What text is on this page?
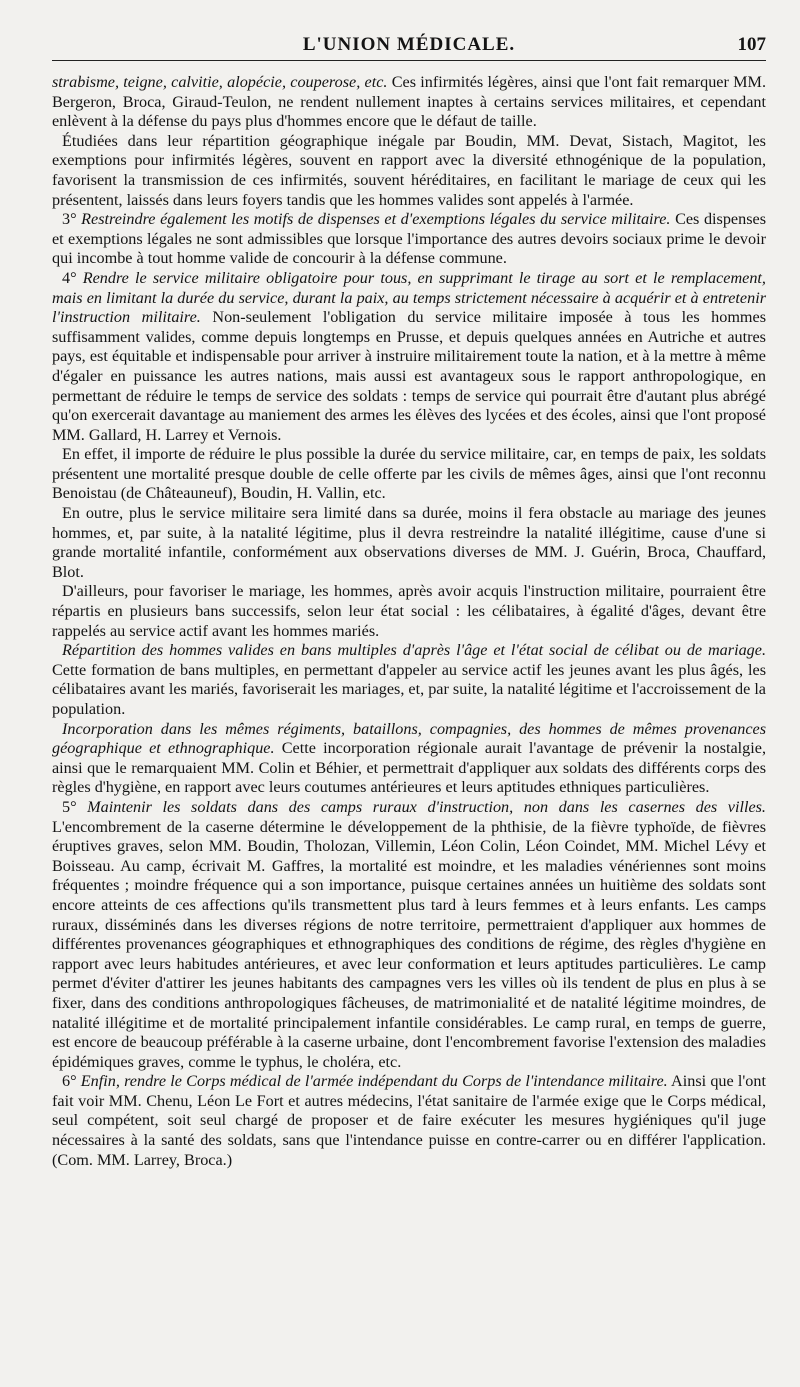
L'UNION MÉDICALE.	107

strabisme, teigne, calvitie, alopécie, couperose, etc. Ces infirmités légères, ainsi que l'ont fait remarquer MM. Bergeron, Broca, Giraud-Teulon, ne rendent nullement inaptes à certains services militaires, et cependant enlèvent à la défense du pays plus d'hommes encore que le défaut de taille.

Étudiées dans leur répartition géographique inégale par Boudin, MM. Devat, Sistach, Magitot, les exemptions pour infirmités légères, souvent en rapport avec la diversité ethnogénique de la population, favorisent la transmission de ces infirmités, souvent héréditaires, en facilitant le mariage de ceux qui les présentent, laissés dans leurs foyers tandis que les hommes valides sont appelés à l'armée.

3° Restreindre également les motifs de dispenses et d'exemptions légales du service militaire. Ces dispenses et exemptions légales ne sont admissibles que lorsque l'importance des autres devoirs sociaux prime le devoir qui incombe à tout homme valide de concourir à la défense commune.

4° Rendre le service militaire obligatoire pour tous, en supprimant le tirage au sort et le remplacement, mais en limitant la durée du service, durant la paix, au temps strictement nécessaire à acquérir et à entretenir l'instruction militaire. Non-seulement l'obligation du service militaire imposée à tous les hommes suffisamment valides, comme depuis longtemps en Prusse, et depuis quelques années en Autriche et autres pays, est équitable et indispensable pour arriver à instruire militairement toute la nation, et à la mettre à même d'égaler en puissance les autres nations, mais aussi est avantageux sous le rapport anthropologique, en permettant de réduire le temps de service des soldats : temps de service qui pourrait être d'autant plus abrégé qu'on exercerait davantage au maniement des armes les élèves des lycées et des écoles, ainsi que l'ont proposé MM. Gallard, H. Larrey et Vernois.

En effet, il importe de réduire le plus possible la durée du service militaire, car, en temps de paix, les soldats présentent une mortalité presque double de celle offerte par les civils de mêmes âges, ainsi que l'ont reconnu Benoistau (de Châteauneuf), Boudin, H. Vallin, etc.

En outre, plus le service militaire sera limité dans sa durée, moins il fera obstacle au mariage des jeunes hommes, et, par suite, à la natalité légitime, plus il devra restreindre la natalité illégitime, cause d'une si grande mortalité infantile, conformément aux observations diverses de MM. J. Guérin, Broca, Chauffard, Blot.

D'ailleurs, pour favoriser le mariage, les hommes, après avoir acquis l'instruction militaire, pourraient être répartis en plusieurs bans successifs, selon leur état social : les célibataires, à égalité d'âges, devant être rappelés au service actif avant les hommes mariés.

Répartition des hommes valides en bans multiples d'après l'âge et l'état social de célibat ou de mariage. Cette formation de bans multiples, en permettant d'appeler au service actif les jeunes avant les plus âgés, les célibataires avant les mariés, favoriserait les mariages, et, par suite, la natalité légitime et l'accroissement de la population.

Incorporation dans les mêmes régiments, bataillons, compagnies, des hommes de mêmes provenances géographique et ethnographique. Cette incorporation régionale aurait l'avantage de prévenir la nostalgie, ainsi que le remarquaient MM. Colin et Béhier, et permettrait d'appliquer aux soldats des différents corps des règles d'hygiène, en rapport avec leurs coutumes antérieures et leurs aptitudes ethniques particulières.

5° Maintenir les soldats dans des camps ruraux d'instruction, non dans les casernes des villes. L'encombrement de la caserne détermine le développement de la phthisie, de la fièvre typhoïde, de fièvres éruptives graves, selon MM. Boudin, Tholozan, Villemin, Léon Colin, Léon Coindet, MM. Michel Lévy et Boisseau. Au camp, écrivait M. Gaffres, la mortalité est moindre, et les maladies vénériennes sont moins fréquentes ; moindre fréquence qui a son importance, puisque certaines années un huitième des soldats sont encore atteints de ces affections qu'ils transmettent plus tard à leurs femmes et à leurs enfants. Les camps ruraux, disséminés dans les diverses régions de notre territoire, permettraient d'appliquer aux hommes de différentes provenances géographiques et ethnographiques des conditions de régime, des règles d'hygiène en rapport avec leurs habitudes antérieures, et avec leur conformation et leurs aptitudes particulières. Le camp permet d'éviter d'attirer les jeunes habitants des campagnes vers les villes où ils tendent de plus en plus à se fixer, dans des conditions anthropologiques fâcheuses, de matrimonialité et de natalité légitime moindres, de natalité illégitime et de mortalité principalement infantile considérables. Le camp rural, en temps de guerre, est encore de beaucoup préférable à la caserne urbaine, dont l'encombrement favorise l'extension des maladies épidémiques graves, comme le typhus, le choléra, etc.

6° Enfin, rendre le Corps médical de l'armée indépendant du Corps de l'intendance militaire. Ainsi que l'ont fait voir MM. Chenu, Léon Le Fort et autres médecins, l'état sanitaire de l'armée exige que le Corps médical, seul compétent, soit seul chargé de proposer et de faire exécuter les mesures hygiéniques qu'il juge nécessaires à la santé des soldats, sans que l'intendance puisse en contre-carrer ou en différer l'application. (Com. MM. Larrey, Broca.)
